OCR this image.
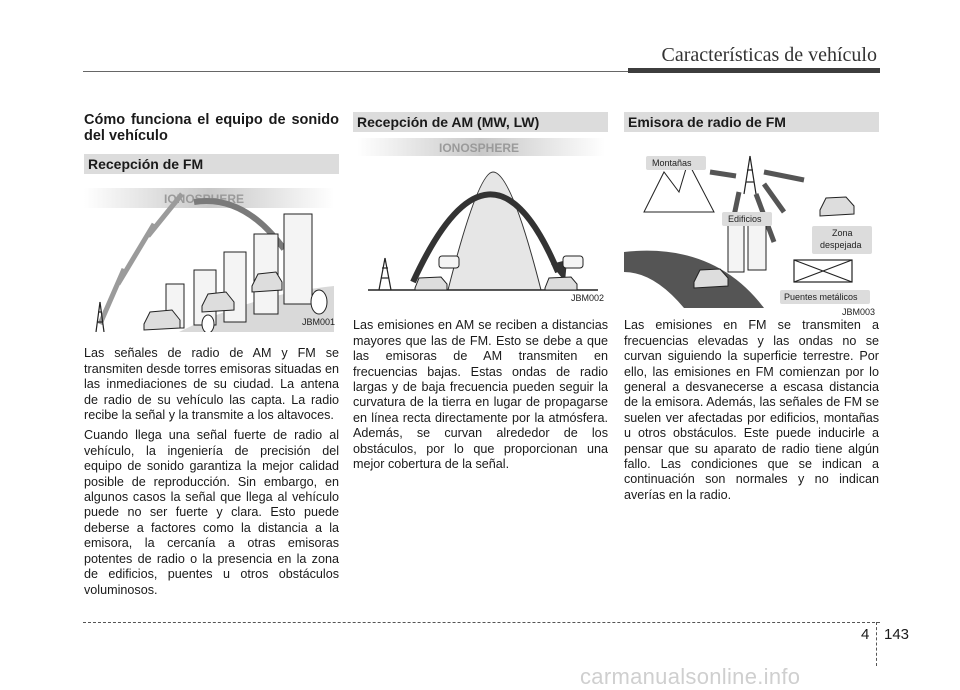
Características de vehículo
Cómo funciona el equipo de sonido del vehículo
Recepción de FM
IONOSPHERE
JBM001

Las señales de radio de AM y FM se transmiten desde torres emisoras situadas en las inmediaciones de su ciudad. La antena de radio de su vehículo las capta. La radio recibe la señal y la transmite a los altavoces.

Cuando llega una señal fuerte de radio al vehículo, la ingeniería de precisión del equipo de sonido garantiza la mejor calidad posible de reproducción. Sin embargo, en algunos casos la señal que llega al vehículo puede no ser fuerte y clara. Esto puede deberse a factores como la distancia a la emisora, la cercanía a otras emisoras potentes de radio o la presencia en la zona de edificios, puentes u otros obstáculos voluminosos.

Recepción de AM (MW, LW)
IONOSPHERE
JBM002

Las emisiones en AM se reciben a distancias mayores que las de FM. Esto se debe a que las emisoras de AM transmiten en frecuencias bajas. Estas ondas de radio largas y de baja frecuencia pueden seguir la curvatura de la tierra en lugar de propagarse en línea recta directamente por la atmósfera. Además, se curvan alrededor de los obstáculos, por lo que proporcionan una mejor cobertura de la señal.

Emisora de radio de FM
Montañas
Edificios
Zona
despejada
Puentes metálicos
JBM003

Las emisiones en FM se transmiten a frecuencias elevadas y las ondas no se curvan siguiendo la superficie terrestre. Por ello, las emisiones en FM comienzan por lo general a desvanecerse a escasa distancia de la emisora. Además, las señales de FM se suelen ver afectadas por edificios, montañas u otros obstáculos. Este puede inducirle a pensar que su aparato de radio tiene algún fallo. Las condiciones que se indican a continuación son normales y no indican averías en la radio.

4 143
carmanualsonline.info
